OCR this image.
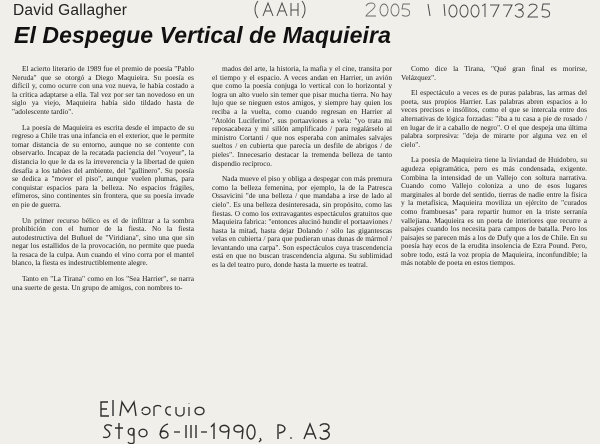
David Gallagher
El Despegue Vertical de Maquieira

El acierto literario de 1989 fue el premio de poesía "Pablo Neruda" que se otorgó a Diego Maquieira. Su poesía es difícil y, como ocurre con una voz nueva, le había costado a la crítica adaptarse a ella. Tal vez por ser tan novedoso en un siglo ya viejo, Maquieira había sido tildado hasta de "adolescente tardío".

La poesía de Maquieira es escrita desde el impacto de su regreso a Chile tras una infancia en el exterior, que le permite tomar distancia de su entorno, aunque no se contente con observarlo. Incapaz de la recatada paciencia del "voyeur", la distancia lo que le da es la irreverencia y la libertad de quien desafía a los tabúes del ambiente, del "gallinero". Su poesía se dedica a "mover el piso", aunque vuelen plumas, para conquistar espacios para la belleza. No espacios frágiles, efímeros, sino continentes sin frontera, que su poesía invade en pie de guerra.

Un primer recurso bélico es el de infiltrar a la sombra prohibición con el humor de la fiesta. No la fiesta autodestructiva del Buñuel de "Viridiana", sino una que sin negar los estallidos de la provocación, no permite que pueda la resaca de la culpa. Aun cuando el vino corra por el mantel blanco, la fiesta es indestructiblemente alegre.

Tanto en "La Tirana" como en los "Sea Harrier", se narra una suerte de gesta. Un grupo de amigos, con nombres to-

mados del arte, la historia, la mafia y el cine, transita por el tiempo y el espacio. A veces andan en Harrier, un avión que como la poesía conjuga lo vertical con lo horizontal y logra un alto vuelo sin temer que pisar mucha tierra. No hay lujo que se nieguen estos amigos, y siempre hay quien los reciba a la vuelta, como cuando regresan en Harrier al "Atolón Luciferino", sus portaaviones a vela: "yo trata mi reposacabeza y mi sillón amplificado / para regalárselo al ministro Cortanti / que nos esperaba con animales salvajes sueltos / en cubierta que parecía un desfile de abrigos / de pieles". Innecesario destacar la tremenda belleza de tanto dispendio recíproco.

Nada mueve el piso y obliga a despegar con más premura como la belleza femenina, por ejemplo, la de la Patresca Ossavicini "de una belleza / que mandaba a irse de lado al cielo". Es una belleza desinteresada, sin propósito, como las fiestas. O como los extravagantes espectáculos gratuitos que Maquieira fabrica: "entonces alucinó hundir el portaaviones / hasta la mitad, hasta dejar Dolando / sólo las gigantescas velas en cubierta / para que pudieran unas dunas de mármol / levantando una carpa". Son espectáculos cuya trascendencia está en que no buscan trascendencia alguna. Su sublimidad es la del teatro puro, donde hasta la muerte es teatral.

Como dice la Tirana, "Qué gran final es morirse, Velázquez".

El espectáculo a veces es de puras palabras, las armas del poeta, sus propios Harrier. Las palabras abren espacios a lo veces precisos e insólitos, como el que se intercala entre dos alternativas de lógica forzadas: "iba a tu casa a pie de rosado / en lugar de ir a caballo de negro". O el que despeja una última palabra sorpresiva: "deja de mirarte por alguna vez en el cielo".

La poesía de Maquieira tiene la liviandad de Huidobro, su agudeza epigramática, pero es más condensada, exigente. Combina la intensidad de un Vallejo con soltura narrativa. Cuando como Vallejo coloniza a uno de esos lugares marginales al borde del sentido, tierras de nadie entre la física y la metafísica, Maquieira moviliza un ejército de "curados como frambuesas" para repartir humor en la triste serranía vallejiana. Maquieira es un poeta de interiores que recurre a paisajes cuando los necesita para campos de batalla. Pero los paisajes se parecen más a los de Dufy que a los de Chile. En su poesía hay ecos de la erudita insolencia de Ezra Pound. Pero, sobre todo, está la voz propia de Maquieira, inconfundible; la más notable de poeta en estos tiempos.
